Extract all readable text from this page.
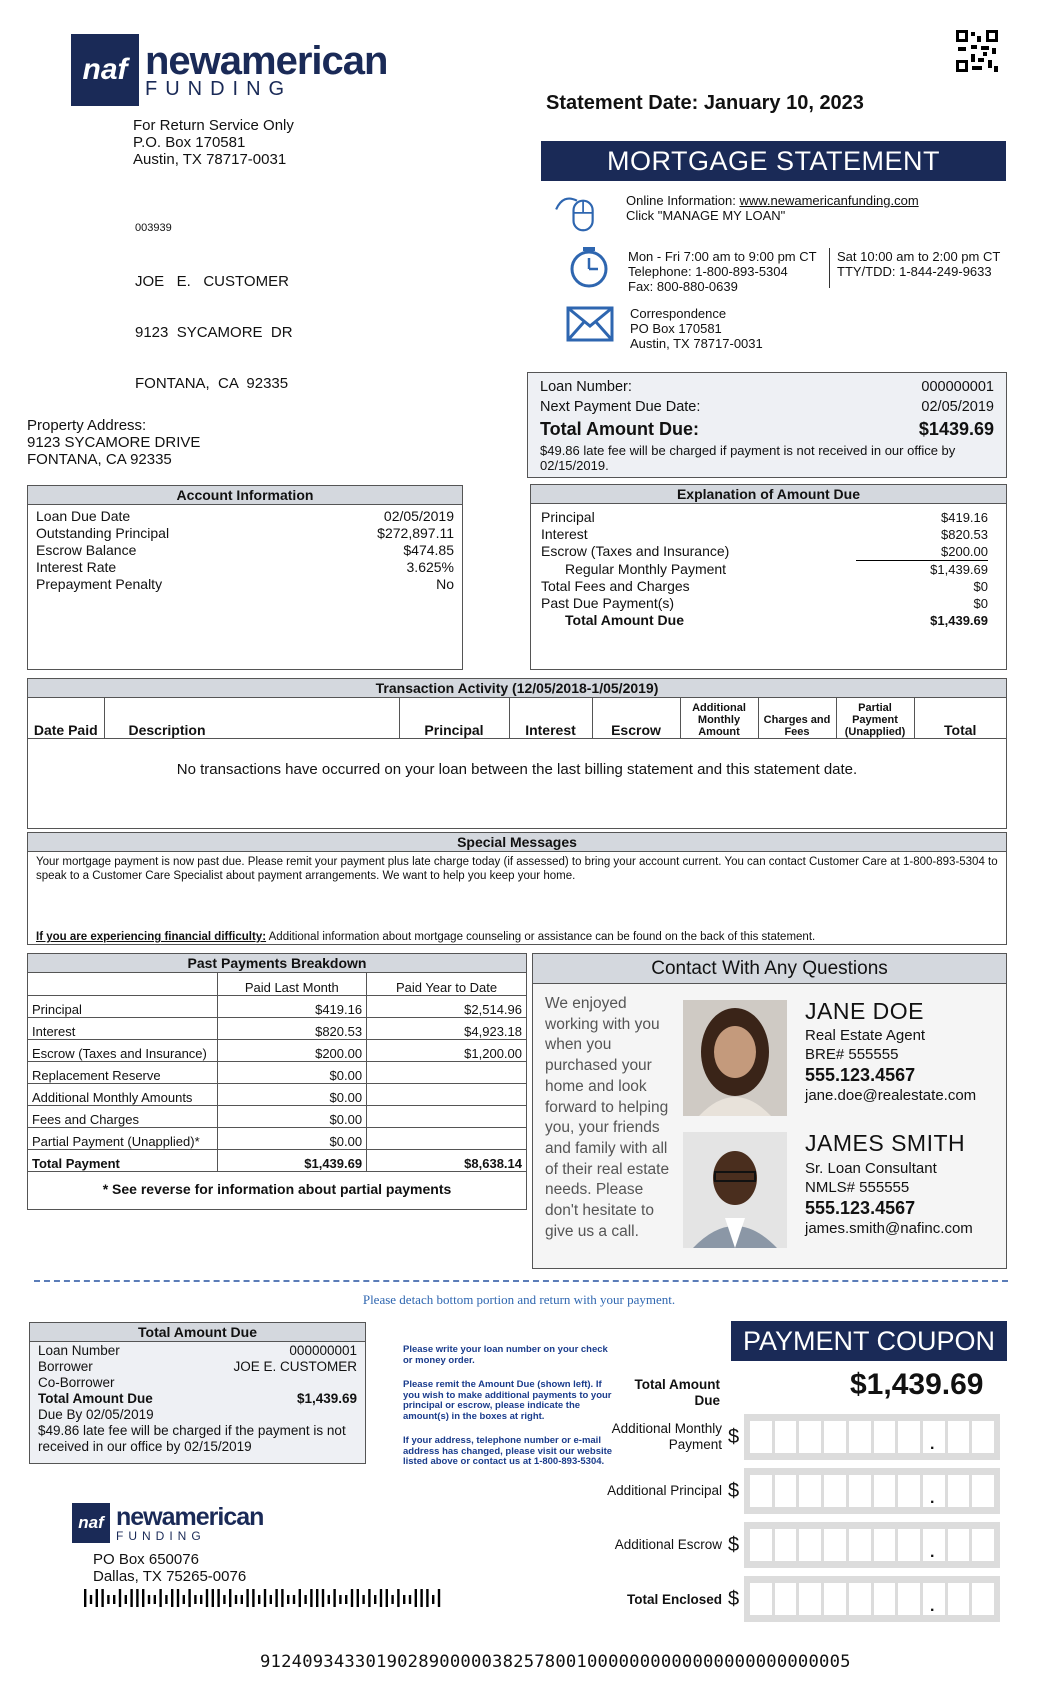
naf newamerican
FUNDING
For Return Service Only
P.O. Box 170581
Austin, TX 78717-0031
003939

JOE   E.   CUSTOMER

9123  SYCAMORE  DR

FONTANA,  CA  92335

Statement Date: January 10, 2023
MORTGAGE STATEMENT
Online Information: www.newamericanfunding.com
Click "MANAGE MY LOAN"
Mon - Fri 7:00 am to 9:00 pm CT
Telephone: 1-800-893-5304
Fax: 800-880-0639
Sat 10:00 am to 2:00 pm CT
TTY/TDD: 1-844-249-9633
Correspondence
PO Box 170581
Austin, TX 78717-0031
Loan Number:	000000001
Next Payment Due Date:	02/05/2019
Total Amount Due:	$1439.69
$49.86 late fee will be charged if payment is not received in our office by 02/15/2019.
Property Address:
9123 SYCAMORE DRIVE
FONTANA, CA 92335
Account Information
Loan Due Date	02/05/2019
Outstanding Principal	$272,897.11
Escrow Balance	$474.85
Interest Rate	3.625%
Prepayment Penalty	No
Explanation of Amount Due
Principal	$419.16
Interest	$820.53
Escrow (Taxes and Insurance)	$200.00
Regular Monthly Payment	$1,439.69
Total Fees and Charges	$0
Past Due Payment(s)	$0
Total Amount Due	$1,439.69
Transaction Activity (12/05/2018-1/05/2019)
Date Paid	Description	Principal	Interest	Escrow	Additional Monthly Amount	Charges and Fees	Partial Payment (Unapplied)	Total
No transactions have occurred on your loan between the last billing statement and this statement date.
Special Messages
Your mortgage payment is now past due. Please remit your payment plus late charge today (if assessed) to bring your account current. You can contact Customer Care at 1-800-893-5304 to speak to a Customer Care Specialist about payment arrangements. We want to help you keep your home.
If you are experiencing financial difficulty: Additional information about mortgage counseling or assistance can be found on the back of this statement.
Past Payments Breakdown
	Paid Last Month	Paid Year to Date
Principal	$419.16	$2,514.96
Interest	$820.53	$4,923.18
Escrow (Taxes and Insurance)	$200.00	$1,200.00
Replacement Reserve	$0.00	
Additional Monthly Amounts	$0.00	
Fees and Charges	$0.00	
Partial Payment (Unapplied)*	$0.00	
Total Payment	$1,439.69	$8,638.14
* See reverse for information about partial payments
Contact With Any Questions
We enjoyed working with you when you purchased your home and look forward to helping you, your friends and family with all of their real estate needs. Please don't hesitate to give us a call.
JANE DOE
Real Estate Agent
BRE# 555555
555.123.4567
jane.doe@realestate.com
JAMES SMITH
Sr. Loan Consultant
NMLS# 555555
555.123.4567
james.smith@nafinc.com
Please detach bottom portion and return with your payment.
Total Amount Due
Loan Number	000000001
Borrower	JOE E. CUSTOMER
Co-Borrower
Total Amount Due	$1,439.69
Due By 02/05/2019
$49.86 late fee will be charged if the payment is not received in our office by 02/15/2019
Please write your loan number on your check or money order.
Please remit the Amount Due (shown left). If you wish to make additional payments to your principal or escrow, please indicate the amount(s) in the boxes at right.
If your address, telephone number or e-mail address has changed, please visit our website listed above or contact us at 1-800-893-5304.
PAYMENT COUPON
Total Amount Due	$1,439.69
Additional Monthly Payment $	.
Additional Principal $	.
Additional Escrow $	.
Total Enclosed $	.
naf newamerican
FUNDING
PO Box 650076
Dallas, TX 75265-0076
91240934330190289000003825780010000000000000000000000005
